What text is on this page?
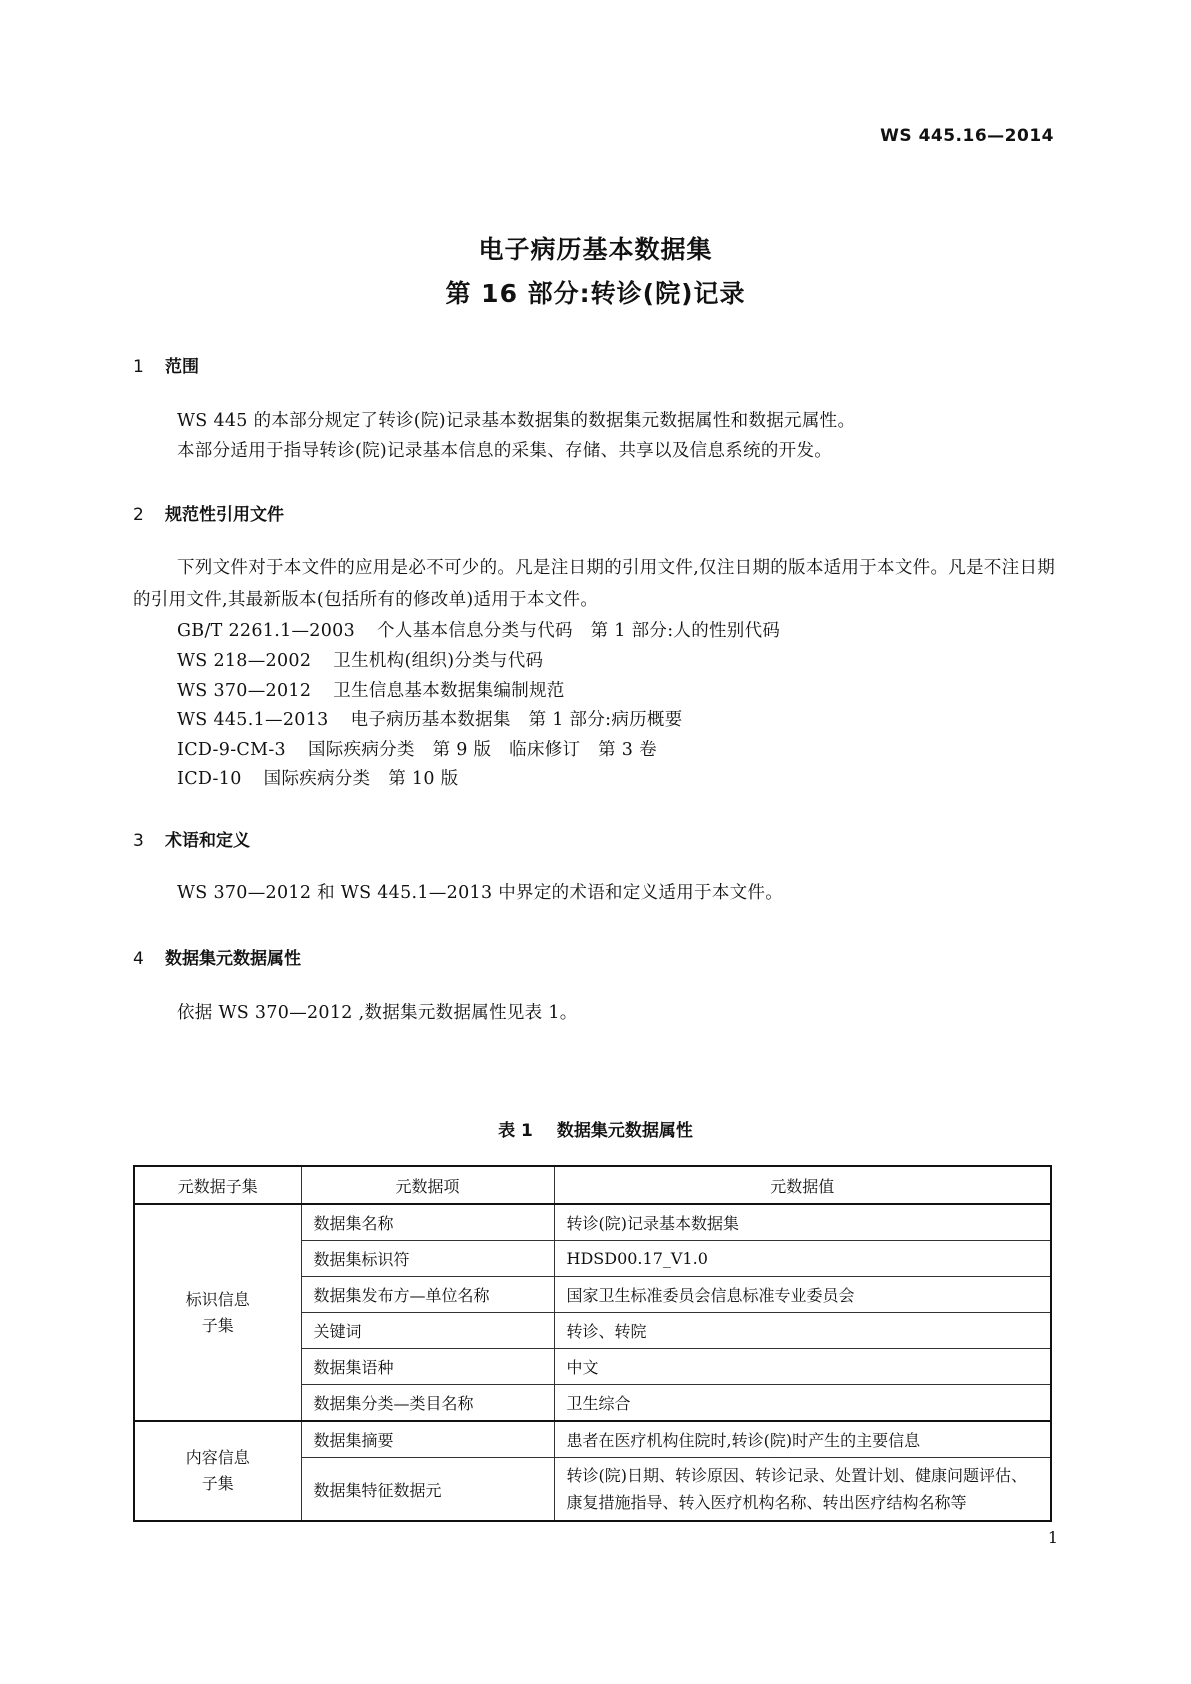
WS 445.16—2014
电子病历基本数据集
第 16 部分:转诊(院)记录
1 范围
WS 445 的本部分规定了转诊(院)记录基本数据集的数据集元数据属性和数据元属性。
本部分适用于指导转诊(院)记录基本信息的采集、存储、共享以及信息系统的开发。
2 规范性引用文件
下列文件对于本文件的应用是必不可少的。凡是注日期的引用文件,仅注日期的版本适用于本文件。凡是不注日期的引用文件,其最新版本(包括所有的修改单)适用于本文件。
GB/T 2261.1—2003 个人基本信息分类与代码　第 1 部分:人的性别代码
WS 218—2002 卫生机构(组织)分类与代码
WS 370—2012 卫生信息基本数据集编制规范
WS 445.1—2013 电子病历基本数据集　第 1 部分:病历概要
ICD-9-CM-3 国际疾病分类　第 9 版　临床修订　第 3 卷
ICD-10 国际疾病分类　第 10 版
3 术语和定义
WS 370—2012 和 WS 445.1—2013 中界定的术语和定义适用于本文件。
4 数据集元数据属性
依据 WS 370—2012 ,数据集元数据属性见表 1。
表 1 数据集元数据属性
元数据子集	元数据项	元数据值
标识信息
子集	数据集名称	转诊(院)记录基本数据集
	数据集标识符	HDSD00.17_V1.0
	数据集发布方—单位名称	国家卫生标准委员会信息标准专业委员会
	关键词	转诊、转院
	数据集语种	中文
	数据集分类—类目名称	卫生综合
内容信息
子集	数据集摘要	患者在医疗机构住院时,转诊(院)时产生的主要信息
	数据集特征数据元	转诊(院)日期、转诊原因、转诊记录、处置计划、健康问题评估、
康复措施指导、转入医疗机构名称、转出医疗结构名称等
1
